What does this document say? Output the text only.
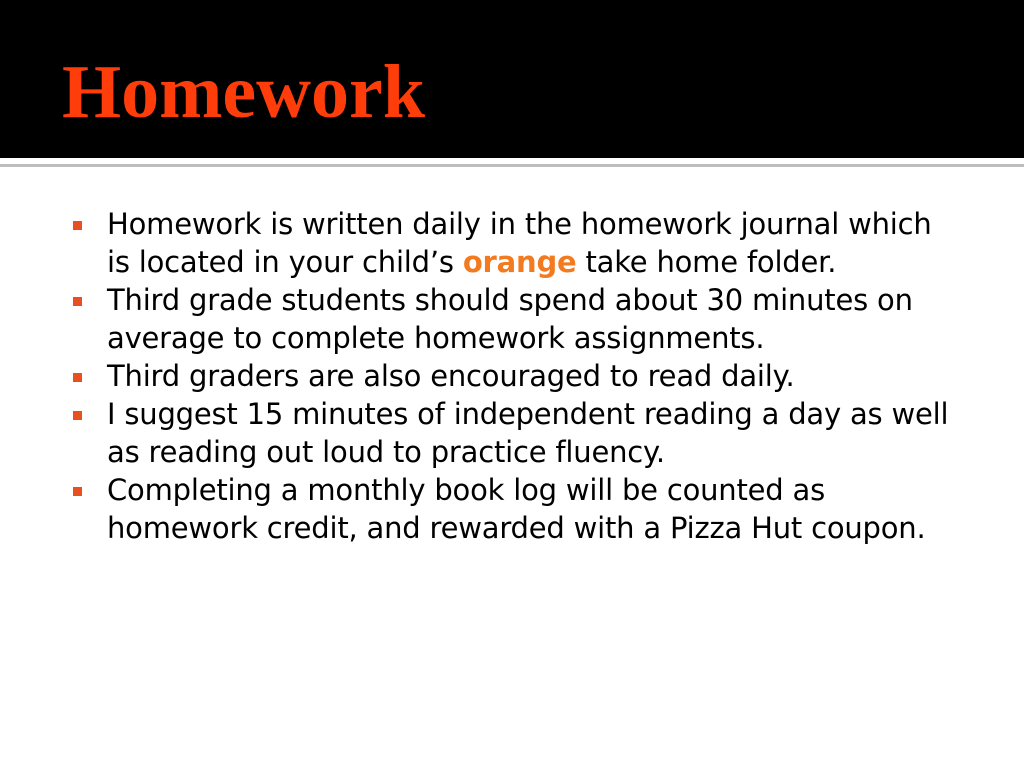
Homework
Homework is written daily in the homework journal which is located in your child’s orange take home folder.
Third grade students should spend about 30 minutes on average to complete homework assignments.
Third graders are also encouraged to read daily.
I suggest 15 minutes of independent reading a day as well as reading out loud to practice fluency.
Completing a monthly book log will be counted as homework credit, and rewarded with a Pizza Hut coupon.
